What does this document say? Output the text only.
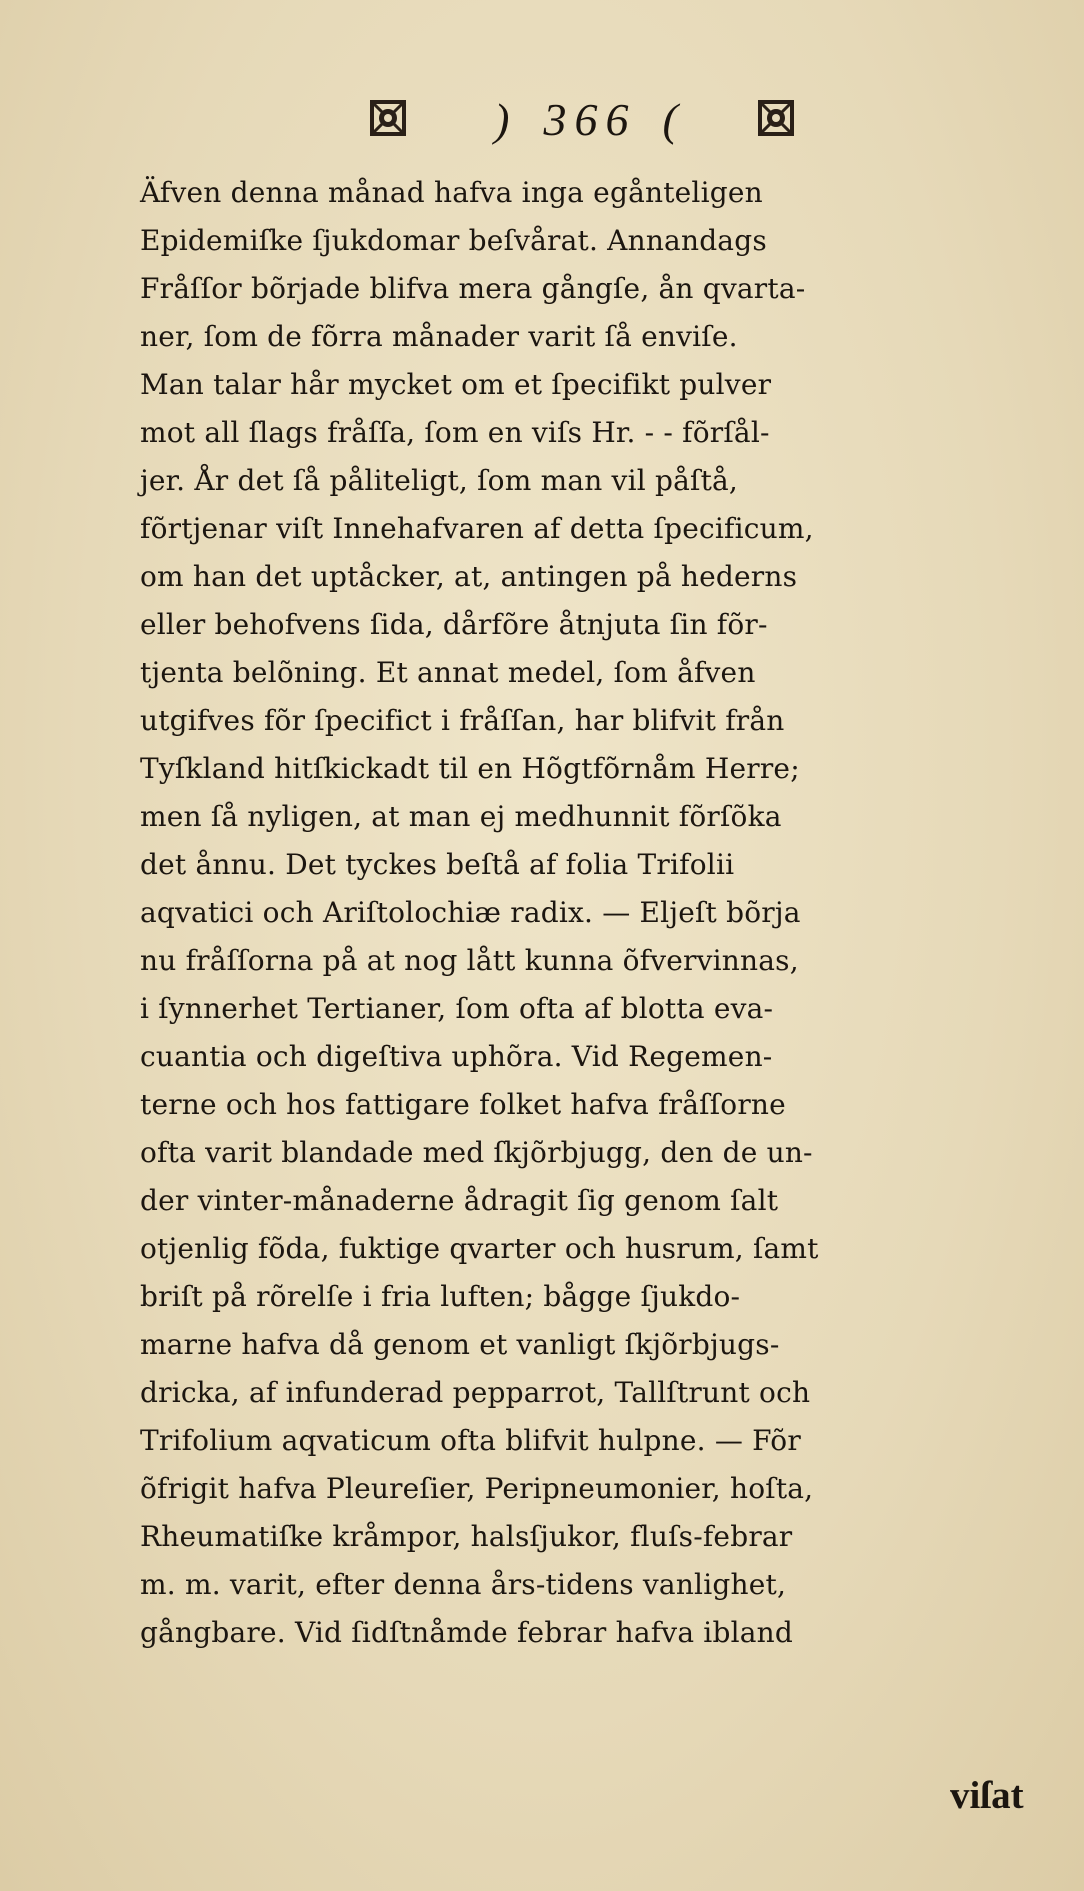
) 366 (
Äfven denna månad hafva inga egånteligen
Epidemiſke ſjukdomar beſvårat. Annandags
Fråſſor bõrjade blifva mera gångſe, ån qvarta-
ner, ſom de fõrra månader varit ſå enviſe.
Man talar hår mycket om et ſpecifikt pulver
mot all ſlags fråſſa, ſom en viſs Hr. - - fõrſål-
jer. År det ſå påliteligt, ſom man vil påſtå,
fõrtjenar viſt Innehafvaren af detta ſpecificum,
om han det uptåcker, at, antingen på hederns
eller behofvens ſida, dårfõre åtnjuta ſin fõr-
tjenta belõning. Et annat medel, ſom åfven
utgifves fõr ſpecifict i fråſſan, har blifvit från
Tyſkland hitſkickadt til en Hõgtfõrnåm Herre;
men ſå nyligen, at man ej medhunnit fõrſõka
det ånnu. Det tyckes beſtå af folia Trifolii
aqvatici och Ariſtolochiæ radix. — Eljeſt bõrja
nu fråſſorna på at nog lått kunna õfvervinnas,
i ſynnerhet Tertianer, ſom ofta af blotta eva-
cuantia och digeſtiva uphõra. Vid Regemen-
terne och hos fattigare folket hafva fråſſorne
ofta varit blandade med ſkjõrbjugg, den de un-
der vinter-månaderne ådragit ſig genom ſalt
otjenlig fõda, fuktige qvarter och husrum, ſamt
briſt på rõrelſe i fria luften; bågge ſjukdo-
marne hafva då genom et vanligt ſkjõrbjugs-
dricka, af infunderad pepparrot, Tallſtrunt och
Trifolium aqvaticum ofta blifvit hulpne. — Fõr
õfrigit hafva Pleureſier, Peripneumonier, hoſta,
Rheumatiſke kråmpor, halsſjukor, fluſs-febrar
m. m. varit, efter denna års-tidens vanlighet,
gångbare. Vid ſidſtnåmde febrar hafva ibland
viſat
